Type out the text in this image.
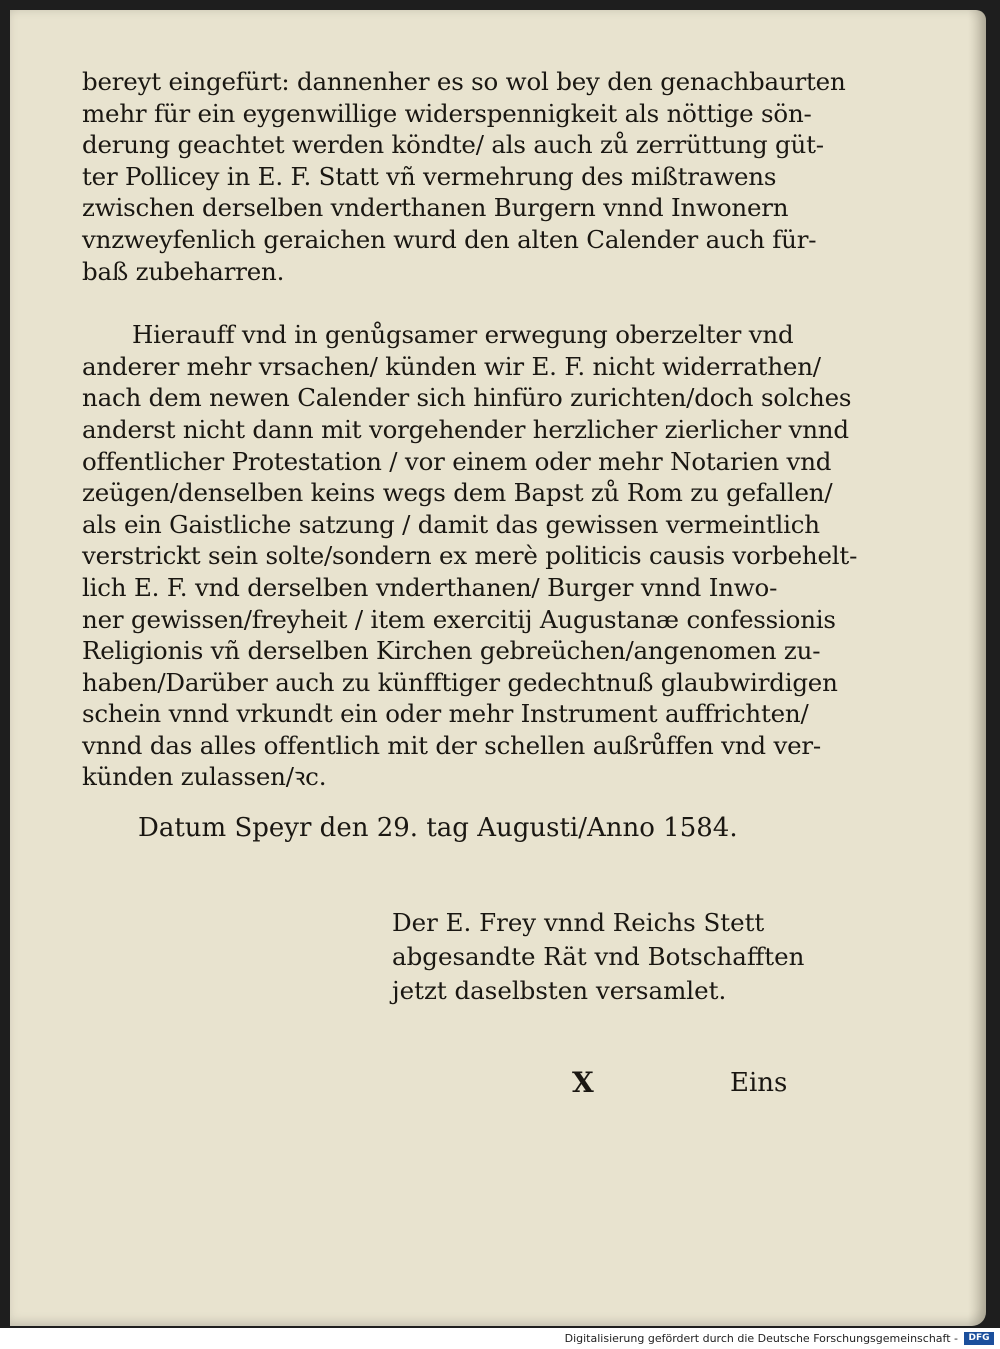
bereyt eingefürt: dannenher es so wol bey den genachbaurten
mehr für ein eygenwillige widerspennigkeit als nöttige sön-
derung geachtet werden köndte/ als auch zů zerrüttung güt-
ter Pollicey in E. F. Statt vñ vermehrung des mißtrawens
zwischen derselben vnderthanen Burgern vnnd Inwonern
vnzweyfenlich geraichen wurd den alten Calender auch für-
baß zubeharren.
Hierauff vnd in genůgsamer erwegung oberzelter vnd
anderer mehr vrsachen/ künden wir E. F. nicht widerrathen/
nach dem newen Calender sich hinfüro zurichten/doch solches
anderst nicht dann mit vorgehender herzlicher zierlicher vnnd
offentlicher Protestation / vor einem oder mehr Notarien vnd
zeügen/denselben keins wegs dem Bapst zů Rom zu gefallen/
als ein Gaistliche satzung / damit das gewissen vermeintlich
verstrickt sein solte/sondern ex merè politicis causis vorbehelt-
lich E. F. vnd derselben vnderthanen/ Burger vnnd Inwo-
ner gewissen/freyheit / item exercitij Augustanæ confessionis
Religionis vñ derselben Kirchen gebreüchen/angenomen zu-
haben/Darüber auch zu künfftiger gedechtnuß glaubwirdigen
schein vnnd vrkundt ein oder mehr Instrument auffrichten/
vnnd das alles offentlich mit der schellen außrůffen vnd ver-
künden zulassen/ꝛc.
Datum Speyr den 29. tag Augusti/Anno 1584.
Der E. Frey vnnd Reichs Stett
abgesandte Rät vnd Botschafften
jetzt daselbsten versamlet.
X	Eins
Digitalisierung gefördert durch die Deutsche Forschungsgemeinschaft -	DFG
